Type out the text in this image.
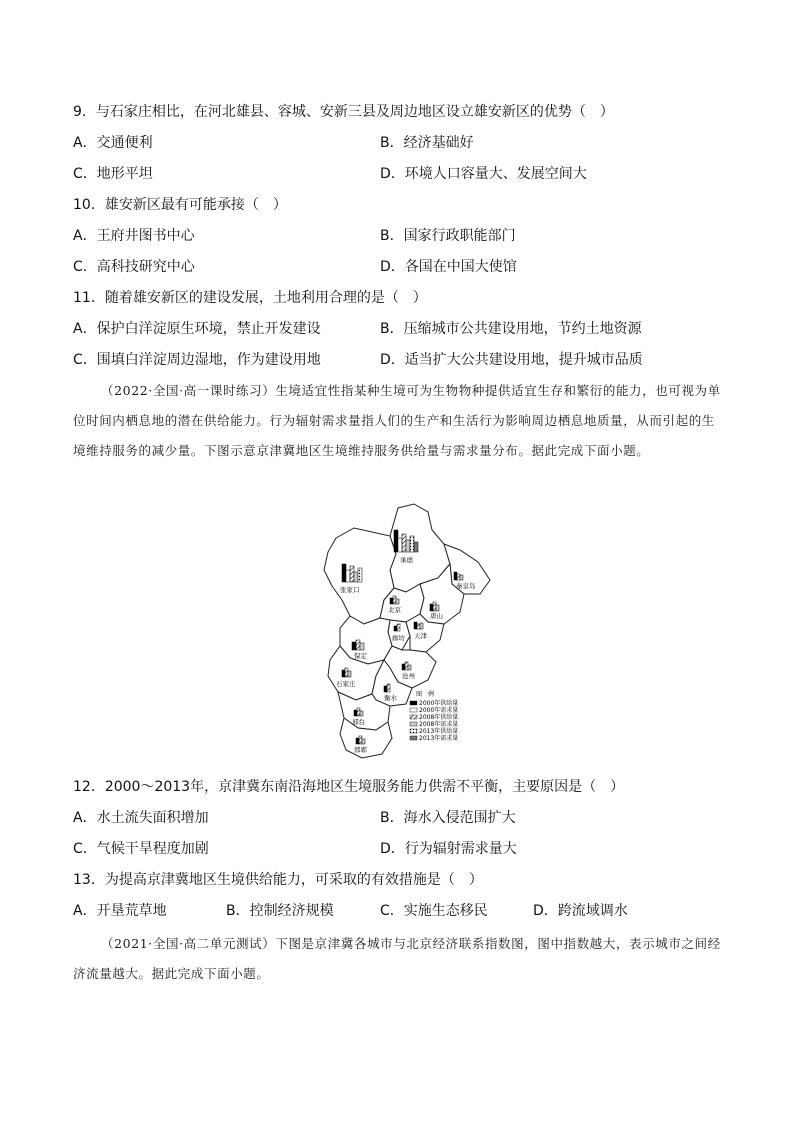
9．与石家庄相比，在河北雄县、容城、安新三县及周边地区设立雄安新区的优势（　）
A．交通便利	B．经济基础好
C．地形平坦	D．环境人口容量大、发展空间大
10．雄安新区最有可能承接（　）
A．王府井图书中心	B．国家行政职能部门
C．高科技研究中心	D．各国在中国大使馆
11．随着雄安新区的建设发展，土地利用合理的是（　）
A．保护白洋淀原生环境，禁止开发建设	B．压缩城市公共建设用地，节约土地资源
C．围填白洋淀周边湿地，作为建设用地	D．适当扩大公共建设用地，提升城市品质
（2022·全国·高一课时练习）生境适宜性指某种生境可为生物物种提供适宜生存和繁衍的能力，也可视为单位时间内栖息地的潜在供给能力。行为辐射需求量指人们的生产和生活行为影响周边栖息地质量，从而引起的生境维持服务的减少量。下图示意京津冀地区生境维持服务供给量与需求量分布。据此完成下面小题。
承德
张家口	秦皇岛
北京
唐山
廊坊 天津
保定
沧州
石家庄
衡水
邢台
邯郸
图　例
2000年供给量
2000年需求量
2008年供给量
2008年需求量
2013年供给量
2013年需求量
12．2000～2013年，京津冀东南沿海地区生境服务能力供需不平衡，主要原因是（　）
A．水土流失面积增加	B．海水入侵范围扩大
C．气候干旱程度加剧	D．行为辐射需求量大
13．为提高京津冀地区生境供给能力，可采取的有效措施是（　）
A．开垦荒草地	B．控制经济规模	C．实施生态移民	D．跨流域调水
（2021·全国·高二单元测试）下图是京津冀各城市与北京经济联系指数图，图中指数越大，表示城市之间经济流量越大。据此完成下面小题。
